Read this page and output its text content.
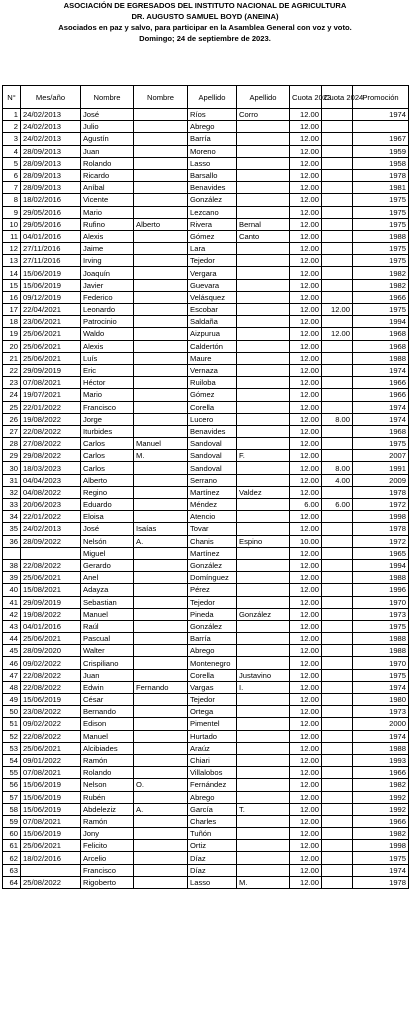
ASOCIACIÓN DE EGRESADOS DEL INSTITUTO NACIONAL DE AGRICULTURA
DR. AUGUSTO SAMUEL BOYD (ANEINA)
Asociados en paz y salvo, para participar en la Asamblea General con voz y voto.
Domingo; 24 de septiembre de 2023.
N°	Mes/año	Nombre	Nombre	Apellido	Apellido	Cuota 2023	Cuota 2024	Promoción
1	24/02/2013	José		Ríos	Corro	12.00		1974
2	24/02/2013	Julio		Abrego		12.00		
3	24/02/2013	Agustín		Barría		12.00		1967
4	28/09/2013	Juan		Moreno		12.00		1959
5	28/09/2013	Rolando		Lasso		12.00		1958
6	28/09/2013	Ricardo		Barsallo		12.00		1978
7	28/09/2013	Aníbal		Benavides		12.00		1981
8	18/02/2016	Vicente		González		12.00		1975
9	29/05/2016	Mario		Lezcano		12.00		1975
10	29/05/2016	Rufino	Alberto	Rivera	Bernal	12.00		1975
11	04/01/2016	Alexis		Gómez	Canto	12.00		1988
12	27/11/2016	Jaime		Lara		12.00		1975
13	27/11/2016	Irving		Tejedor		12.00		1975
14	15/06/2019	Joaquín		Vergara		12.00		1982
15	15/06/2019	Javier		Guevara		12.00		1982
16	09/12/2019	Federico		Velásquez		12.00		1966
17	22/04/2021	Leonardo		Escobar		12.00	12.00	1975
18	23/06/2021	Patrocinio		Saldaña		12.00		1994
19	25/06/2021	Waldo		Aizpurua		12.00	12.00	1968
20	25/06/2021	Alexis		Caldertón		12.00		1968
21	25/06/2021	Luís		Maure		12.00		1988
22	29/09/2019	Eric		Vernaza		12.00		1974
23	07/08/2021	Héctor		Ruiloba		12.00		1966
24	19/07/2021	Mario		Gómez		12.00		1966
25	22/01/2022	Francisco		Corella		12.00		1974
26	19/08/2022	Jorge		Lucero		12.00	8.00	1974
27	22/08/2022	Iturbides		Benavides		12.00		1968
28	27/08/2022	Carlos	Manuel	Sandoval		12.00		1975
29	29/08/2022	Carlos	M.	Sandoval	F.	12.00		2007
30	18/03/2023	Carlos		Sandoval		12.00	8.00	1991
31	04/04/2023	Alberto		Serrano		12.00	4.00	2009
32	04/08/2022	Regino		Martínez	Valdez	12.00		1978
33	20/06/2023	Eduardo		Méndez		6.00	6.00	1972
34	22/01/2022	Eloisa		Atencio		12.00		1998
35	24/02/2013	José	Isaías	Tovar		12.00		1978
36	28/09/2022	Nelsón	A.	Chanis	Espino	10.00		1972
		Miguel		Martínez		12.00		1965
38	22/08/2022	Gerardo		González		12.00		1994
39	25/06/2021	Anel		Domínguez		12.00		1988
40	15/08/2021	Adayza		Pérez		12.00		1996
41	29/09/2019	Sebastian		Tejedor		12.00		1970
42	19/08/2022	Manuel		Pineda	González	12.00		1973
43	04/01/2016	Raúl		González		12.00		1975
44	25/06/2021	Pascual		Barría		12.00		1988
45	28/09/2020	Walter		Abrego		12.00		1988
46	09/02/2022	Crispiliano		Montenegro		12.00		1970
47	22/08/2022	Juan		Corella	Justavino	12.00		1975
48	22/08/2022	Edwin	Fernando	Vargas	I.	12.00		1974
49	15/06/2019	César		Tejedor		12.00		1980
50	23/08/2022	Bernando		Ortega		12.00		1973
51	09/02/2022	Edison		Pimentel		12.00		2000
52	22/08/2022	Manuel		Hurtado		12.00		1974
53	25/06/2021	Alcibiades		Araúz		12.00		1988
54	09/01/2022	Ramón		Chiari		12.00		1993
55	07/08/2021	Rolando		Villalobos		12.00		1966
56	15/06/2019	Nelson	O.	Fernández		12.00		1982
57	15/06/2019	Rubén		Abrego		12.00		1992
58	15/06/2019	Abdeleziz	A.	García	T.	12.00		1992
59	07/08/2021	Ramón		Charles		12.00		1966
60	15/06/2019	Jony		Tuñón		12.00		1982
61	25/06/2021	Felicito		Ortiz		12.00		1998
62	18/02/2016	Arcelio		Díaz		12.00		1975
63		Francisco		Díaz		12.00		1974
64	25/08/2022	Rigoberto		Lasso	M.	12.00		1978
